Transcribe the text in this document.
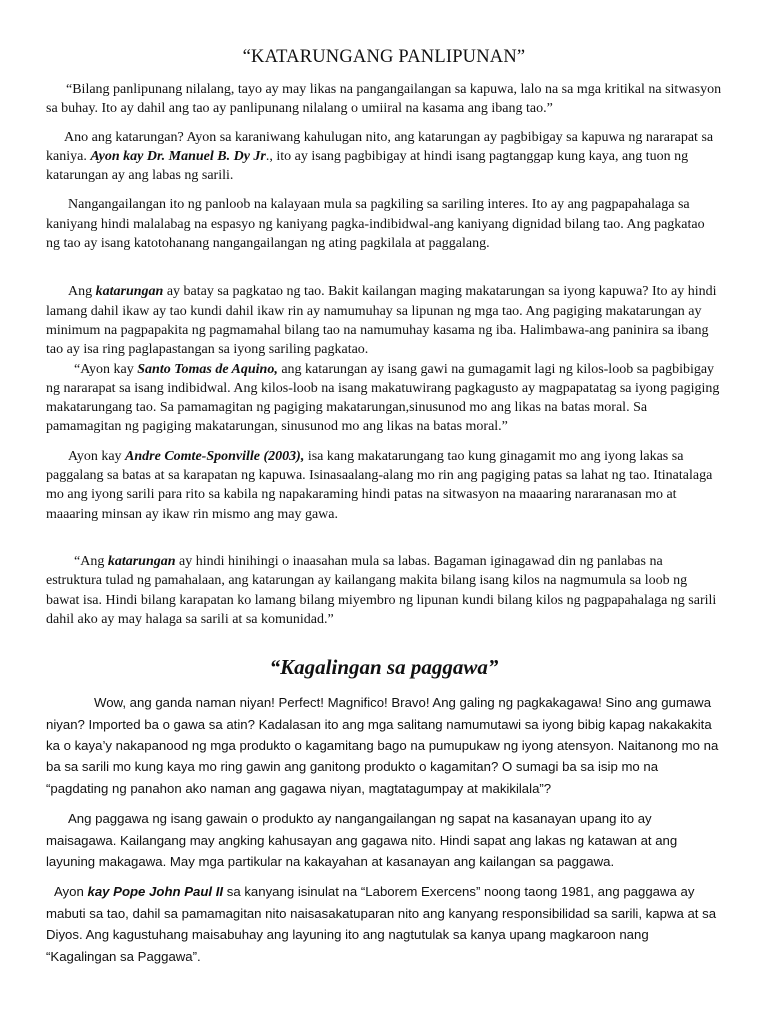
“KATARUNGANG PANLIPUNAN”

“Bilang panlipunang nilalang, tayo ay may likas na pangangailangan sa kapuwa, lalo na sa mga kritikal na sitwasyon sa buhay. Ito ay dahil ang tao ay panlipunang nilalang o umiiral na kasama ang ibang tao.”

Ano ang katarungan? Ayon sa karaniwang kahulugan nito, ang katarungan ay pagbibigay sa kapuwa ng nararapat sa kaniya. Ayon kay Dr. Manuel B. Dy Jr., ito ay isang pagbibigay at hindi isang pagtanggap kung kaya, ang tuon ng katarungan ay ang labas ng sarili.

Nangangailangan ito ng panloob na kalayaan mula sa pagkiling sa sariling interes. Ito ay ang pagpapahalaga sa kaniyang hindi malalabag na espasyo ng kaniyang pagka-indibidwal-ang kaniyang dignidad bilang tao. Ang pagkatao ng tao ay isang katotohanang nangangailangan ng ating pagkilala at paggalang.

Ang katarungan ay batay sa pagkatao ng tao. Bakit kailangan maging makatarungan sa iyong kapuwa? Ito ay hindi lamang dahil ikaw ay tao kundi dahil ikaw rin ay namumuhay sa lipunan ng mga tao. Ang pagiging makatarungan ay minimum na pagpapakita ng pagmamahal bilang tao na namumuhay kasama ng iba. Halimbawa-ang paninira sa ibang tao ay isa ring paglapastangan sa iyong sariling pagkatao.

“Ayon kay Santo Tomas de Aquino, ang katarungan ay isang gawi na gumagamit lagi ng kilos-loob sa pagbibigay ng nararapat sa isang indibidwal. Ang kilos-loob na isang makatuwirang pagkagusto ay magpapatatag sa iyong pagiging makatarungang tao. Sa pamamagitan ng pagiging makatarungan,sinusunod mo ang likas na batas moral. Sa pamamagitan ng pagiging makatarungan, sinusunod mo ang likas na batas moral.”

Ayon kay Andre Comte-Sponville (2003), isa kang makatarungang tao kung ginagamit mo ang iyong lakas sa paggalang sa batas at sa karapatan ng kapuwa. Isinasaalang-alang mo rin ang pagiging patas sa lahat ng tao. Itinatalaga mo ang iyong sarili para rito sa kabila ng napakaraming hindi patas na sitwasyon na maaaring nararanasan mo at maaaring minsan ay ikaw rin mismo ang may gawa.

“Ang katarungan ay hindi hinihingi o inaasahan mula sa labas. Bagaman iginagawad din ng panlabas na estruktura tulad ng pamahalaan, ang katarungan ay kailangang makita bilang isang kilos na nagmumula sa loob ng bawat isa. Hindi bilang karapatan ko lamang bilang miyembro ng lipunan kundi bilang kilos ng pagpapahalaga ng sarili dahil ako ay may halaga sa sarili at sa komunidad.”

“Kagalingan sa paggawa”

Wow, ang ganda naman niyan! Perfect! Magnifico! Bravo! Ang galing ng pagkakagawa! Sino ang gumawa niyan? Imported ba o gawa sa atin? Kadalasan ito ang mga salitang namumutawi sa iyong bibig kapag nakakakita ka o kaya’y nakapanood ng mga produkto o kagamitang bago na pumupukaw ng iyong atensyon. Naitanong mo na ba sa sarili mo kung kaya mo ring gawin ang ganitong produkto o kagamitan? O sumagi ba sa isip mo na “pagdating ng panahon ako naman ang gagawa niyan, magtatagumpay at makikilala”?

Ang paggawa ng isang gawain o produkto ay nangangailangan ng sapat na kasanayan upang ito ay maisagawa. Kailangang may angking kahusayan ang gagawa nito. Hindi sapat ang lakas ng katawan at ang layuning makagawa. May mga partikular na kakayahan at kasanayan ang kailangan sa paggawa.

Ayon kay Pope John Paul II sa kanyang isinulat na “Laborem Exercens” noong taong 1981, ang paggawa ay mabuti sa tao, dahil sa pamamagitan nito naisasakatuparan nito ang kanyang responsibilidad sa sarili, kapwa at sa Diyos. Ang kagustuhang maisabuhay ang layuning ito ang nagtutulak sa kanya upang magkaroon nang “Kagalingan sa Paggawa”.
